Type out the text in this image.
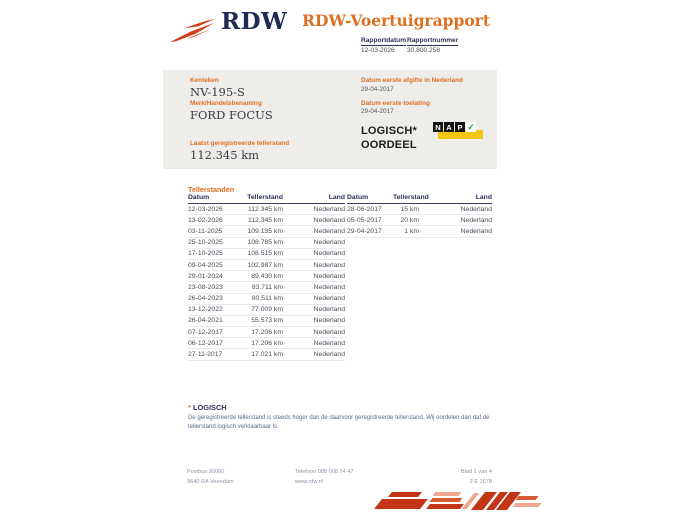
RDW RDW-Voertuigrapport
Rapportdatum
12-03-2026
Rapportnummer
30.800.258
Kenteken
NV-195-S
Merk/Handelsbenaming
FORD FOCUS
Laatst geregistreerde tellerstand
112.345 km
Datum eerste afgifte in Nederland
29-04-2017
Datum eerste toelating
29-04-2017
LOGISCH*
OORDEEL
N A P ✓
Tellerstanden
Datum	Tellerstand	Land
12-03-2026	112.345 km	Nederland
13-02-2026	112.345 km	Nederland
03-11-2025	109.135 km	Nederland
25-10-2025	108.785 km	Nederland
17-10-2025	108.515 km	Nederland
09-04-2025	102.987 km	Nederland
29-01-2024	89.430 km	Nederland
23-08-2023	83.711 km	Nederland
26-04-2023	80.511 km	Nederland
13-12-2022	77.009 km	Nederland
26-04-2021	55.573 km	Nederland
07-12-2017	17.206 km	Nederland
06-12-2017	17.206 km	Nederland
27-11-2017	17.021 km	Nederland
Datum	Tellerstand	Land
28-06-2017	15 km	Nederland
05-05-2017	20 km	Nederland
29-04-2017	1 km	Nederland
* LOGISCH
De geregistreerde tellerstand is steeds hoger dan de daarvoor geregistreerde tellerstand. Wij oordelen dan dat de tellerstand logisch verklaarbaar is.
Postbus 30000
9640 RA Veendam
Telefoon 088 008 74 47
www.rdw.nl
Blad 1 van 4
3 E 1678
